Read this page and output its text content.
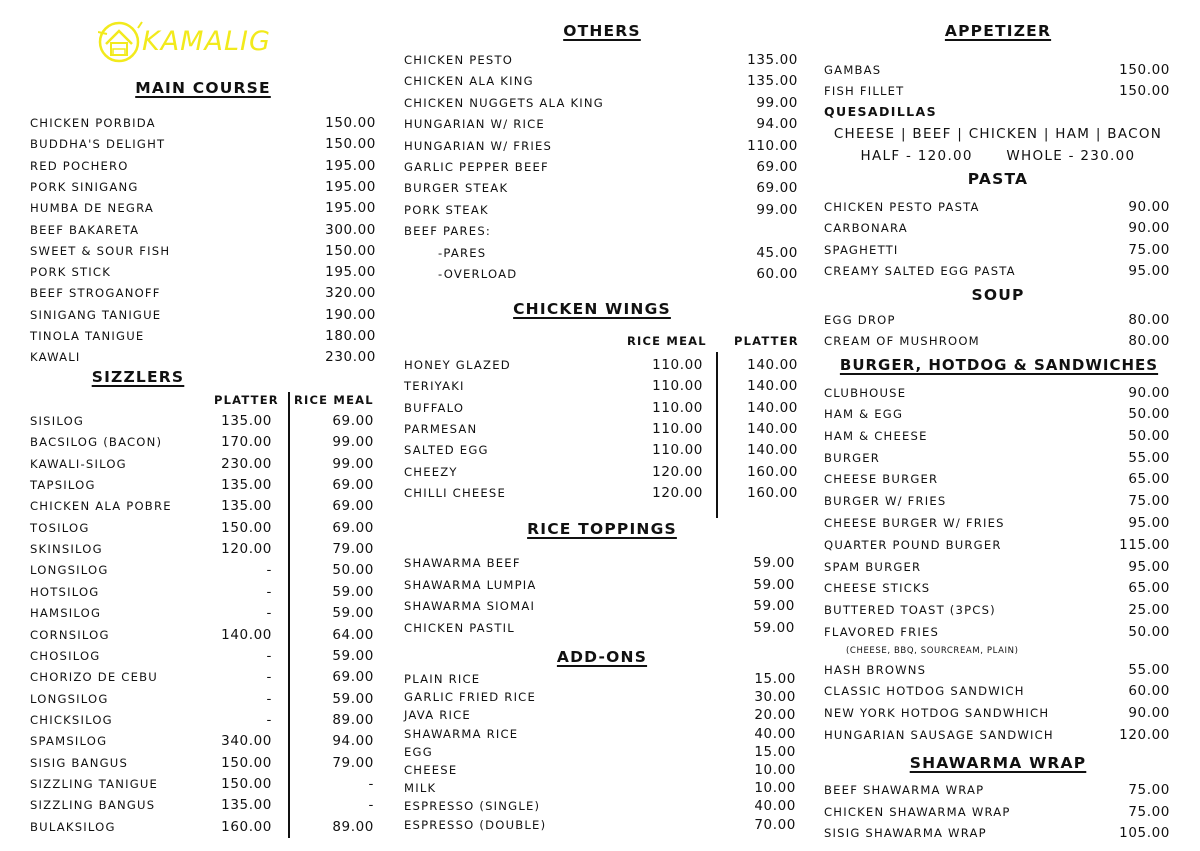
KAMALIG
MAIN COURSE
CHICKEN PORBIDA	150.00
BUDDHA'S DELIGHT	150.00
RED POCHERO	195.00
PORK SINIGANG	195.00
HUMBA DE NEGRA	195.00
BEEF BAKARETA	300.00
SWEET & SOUR FISH	150.00
PORK STICK	195.00
BEEF STROGANOFF	320.00
SINIGANG TANIGUE	190.00
TINOLA TANIGUE	180.00
KAWALI	230.00
SIZZLERS
PLATTER RICE MEAL
SISILOG	135.00	69.00
BACSILOG (BACON)	170.00	99.00
KAWALI-SILOG	230.00	99.00
TAPSILOG	135.00	69.00
CHICKEN ALA POBRE	135.00	69.00
TOSILOG	150.00	69.00
SKINSILOG	120.00	79.00
LONGSILOG	-	50.00
HOTSILOG	-	59.00
HAMSILOG	-	59.00
CORNSILOG	140.00	64.00
CHOSILOG	-	59.00
CHORIZO DE CEBU	-	69.00
LONGSILOG	-	59.00
CHICKSILOG	-	89.00
SPAMSILOG	340.00	94.00
SISIG BANGUS	150.00	79.00
SIZZLING TANIGUE	150.00	-
SIZZLING BANGUS	135.00	-
BULAKSILOG	160.00	89.00
OTHERS
CHICKEN PESTO	135.00
CHICKEN ALA KING	135.00
CHICKEN NUGGETS ALA KING	99.00
HUNGARIAN W/ RICE	94.00
HUNGARIAN W/ FRIES	110.00
GARLIC PEPPER BEEF	69.00
BURGER STEAK	69.00
PORK STEAK	99.00
BEEF PARES:
-PARES	45.00
-OVERLOAD	60.00
CHICKEN WINGS
RICE MEAL PLATTER
HONEY GLAZED	110.00	140.00
TERIYAKI	110.00	140.00
BUFFALO	110.00	140.00
PARMESAN	110.00	140.00
SALTED EGG	110.00	140.00
CHEEZY	120.00	160.00
CHILLI CHEESE	120.00	160.00
RICE TOPPINGS
SHAWARMA BEEF	59.00
SHAWARMA LUMPIA	59.00
SHAWARMA SIOMAI	59.00
CHICKEN PASTIL	59.00
ADD-ONS
PLAIN RICE	15.00
GARLIC FRIED RICE	30.00
JAVA RICE	20.00
SHAWARMA RICE	40.00
EGG	15.00
CHEESE	10.00
MILK	10.00
ESPRESSO (SINGLE)	40.00
ESPRESSO (DOUBLE)	70.00
APPETIZER
GAMBAS	150.00
FISH FILLET	150.00
QUESADILLAS
CHEESE | BEEF | CHICKEN | HAM | BACON
HALF - 120.00      WHOLE - 230.00
PASTA
CHICKEN PESTO PASTA	90.00
CARBONARA	90.00
SPAGHETTI	75.00
CREAMY SALTED EGG PASTA	95.00
SOUP
EGG DROP	80.00
CREAM OF MUSHROOM	80.00
BURGER, HOTDOG & SANDWICHES
CLUBHOUSE	90.00
HAM & EGG	50.00
HAM & CHEESE	50.00
BURGER	55.00
CHEESE BURGER	65.00
BURGER W/ FRIES	75.00
CHEESE BURGER W/ FRIES	95.00
QUARTER POUND BURGER	115.00
SPAM BURGER	95.00
CHEESE STICKS	65.00
BUTTERED TOAST (3PCS)	25.00
FLAVORED FRIES	50.00
HASH BROWNS	55.00
CLASSIC HOTDOG SANDWICH	60.00
NEW YORK HOTDOG SANDWHICH	90.00
HUNGARIAN SAUSAGE SANDWICH	120.00
(CHEESE, BBQ, SOURCREAM, PLAIN)
SHAWARMA WRAP
BEEF SHAWARMA WRAP	75.00
CHICKEN SHAWARMA WRAP	75.00
SISIG SHAWARMA WRAP	105.00
